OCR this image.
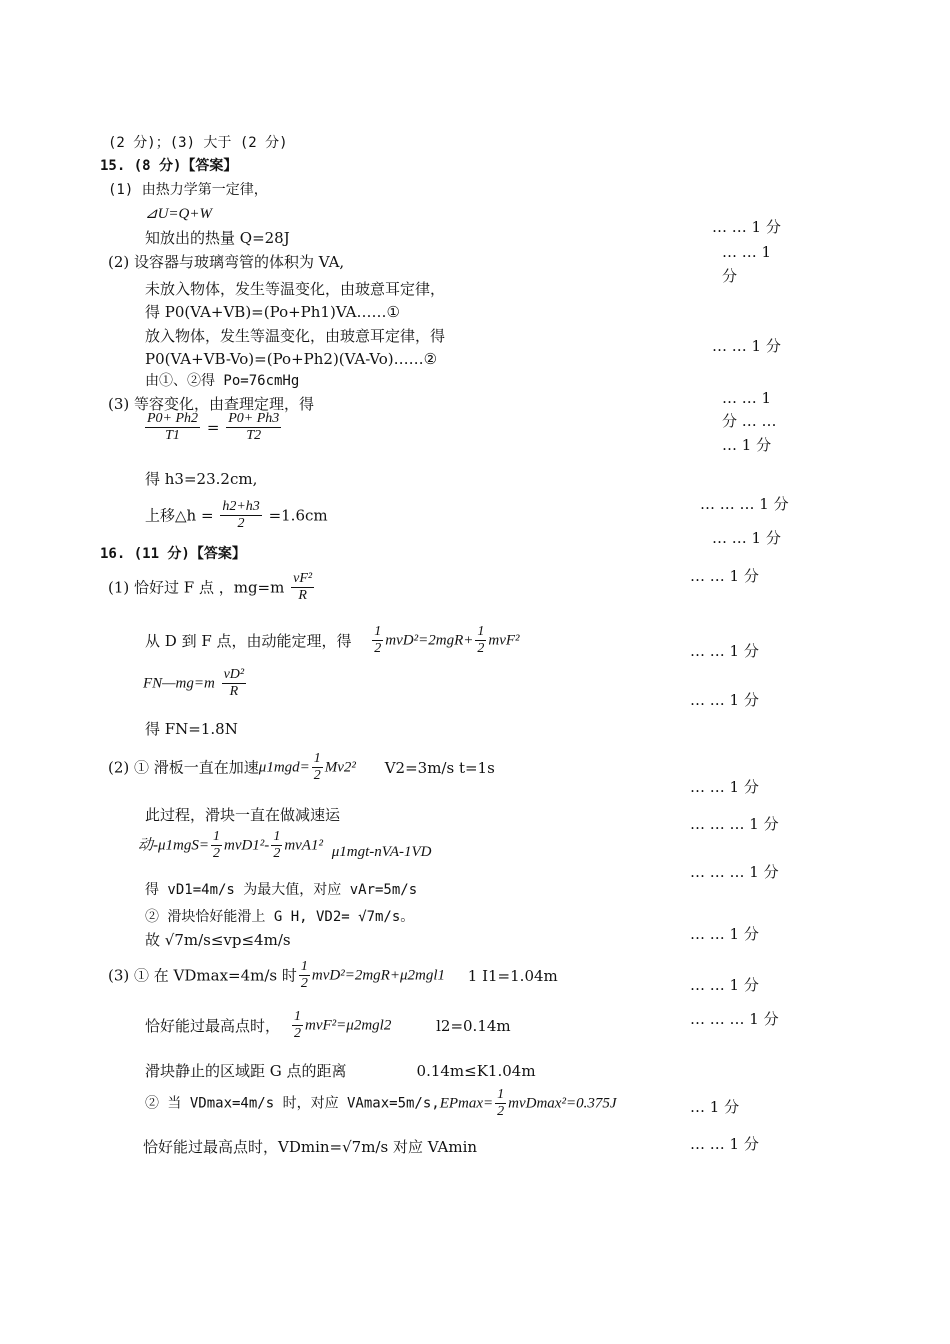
(2 分)；(3) 大于 (2 分)
15. (8 分)【答案】
(1) 由热力学第一定律，
⊿U=Q+W
知放出的热量 Q=28J
(2) 设容器与玻璃弯管的体积为 VA,
未放入物体，发生等温变化，由玻意耳定律，
得 P0(VA+VB)=(Po+Ph1)VA……①
放入物体，发生等温变化，由玻意耳定律，得
P0(VA+VB-Vo)=(Po+Ph2)(VA-Vo)……②
由①、②得 Po=76cmHg
(3) 等容变化，由查理定理，得
$\frac{P0+ Ph2}{T1} = \frac{P0+ Ph3}{T2}$
得 h3=23.2cm,
上移△h = $\frac{h2+h3}{2} =1.6cm$
16. (11 分)【答案】
(1) 恰好过 F 点 ，$mg=m \frac{\text{vF²}}{R}$
从 D 到 F 点，由动能定理，得 $\frac{1}{2} mvD^2=2mgR+ \frac{1}{2} mvF^2$
FN—mg=m $\frac{\text{vD²}}{R}$
得 FN=1.8N
(2) ① 滑板一直在加速$\mu 1mgd= \frac{1}{2} Mv2^2$ V2=3m/s t=1s
此过程，滑块一直在做减速运
动$-\mu 1mgS= \frac{1}{2} mvD1^2- \frac{1}{2} mvA1^2$ μ1mgt-nVA-1VD
得 vD1=4m/s 为最大值，对应 vAr=5m/s
② 滑块恰好能滑上 G H, VD2= √7m/s。
故 √7m/s≤vp≤4m/s
(3) ① 在 VDmax=4m/s 时 $\frac{1}{2} mvD^2=2mgR+\mu 2mgl1$ 1 I1=1.04m
恰好能过最高点时， $\frac{1}{2} mvF^2=\mu 2mgl2$	l2=0.14m
滑块静止的区域距 G 点的距离	0.14m≤K1.04m
② 当 VDmax=4m/s 时，对应 $VAmax=5m/s,EPmax= \frac{1}{2} mvDmax^2=0.375J$
恰好能过最高点时，VDmin=√7m/s 对应 VAmin
… … 1 分
… … 1
分
… … 1 分
… … 1
分 … …
… 1 分
… … … 1 分
… … 1 分
… … 1 分
… … 1 分
… … 1 分
… … 1 分
… … … 1 分
… … … 1 分
… … 1 分
… … 1 分
… … … 1 分
… 1 分
… … 1 分
